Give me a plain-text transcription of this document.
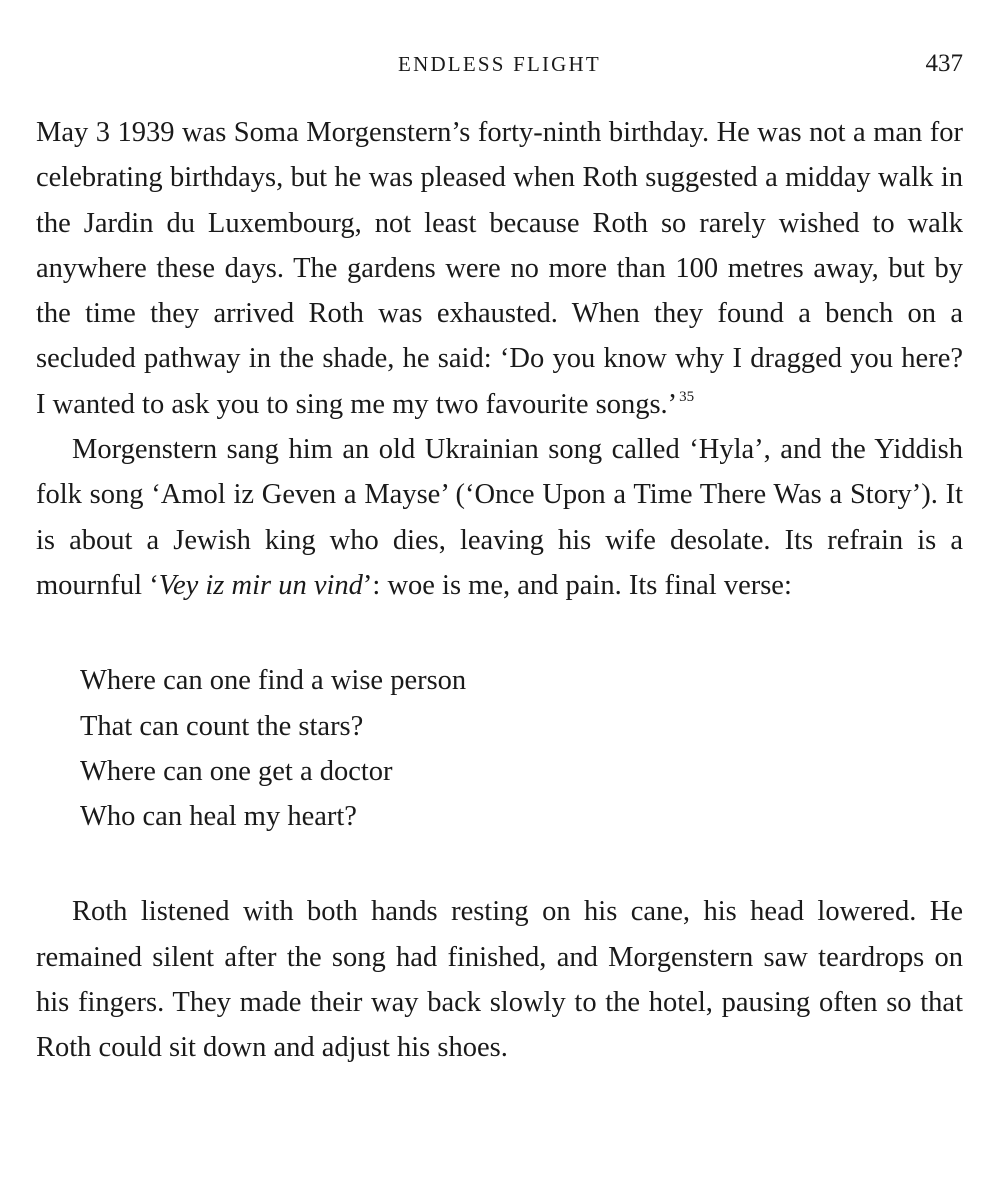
ENDLESS FLIGHT	437

May 3 1939 was Soma Morgenstern’s forty-ninth birthday. He was not a man for celebrating birthdays, but he was pleased when Roth suggested a midday walk in the Jardin du Luxembourg, not least because Roth so rarely wished to walk anywhere these days. The gardens were no more than 100 metres away, but by the time they arrived Roth was exhausted. When they found a bench on a secluded pathway in the shade, he said: ‘Do you know why I dragged you here? I wanted to ask you to sing me my two favourite songs.’ $^{35}$

Morgenstern sang him an old Ukrainian song called ‘Hyla’, and the Yiddish folk song ‘Amol iz Geven a Mayse’ (‘Once Upon a Time There Was a Story’). It is about a Jewish king who dies, leaving his wife desolate. Its refrain is a mournful ‘Vey iz mir un vind’: woe is me, and pain. Its final verse:

Where can one find a wise person
That can count the stars?
Where can one get a doctor
Who can heal my heart?

Roth listened with both hands resting on his cane, his head lowered. He remained silent after the song had finished, and Morgenstern saw teardrops on his fingers. They made their way back slowly to the hotel, pausing often so that Roth could sit down and adjust his shoes.
